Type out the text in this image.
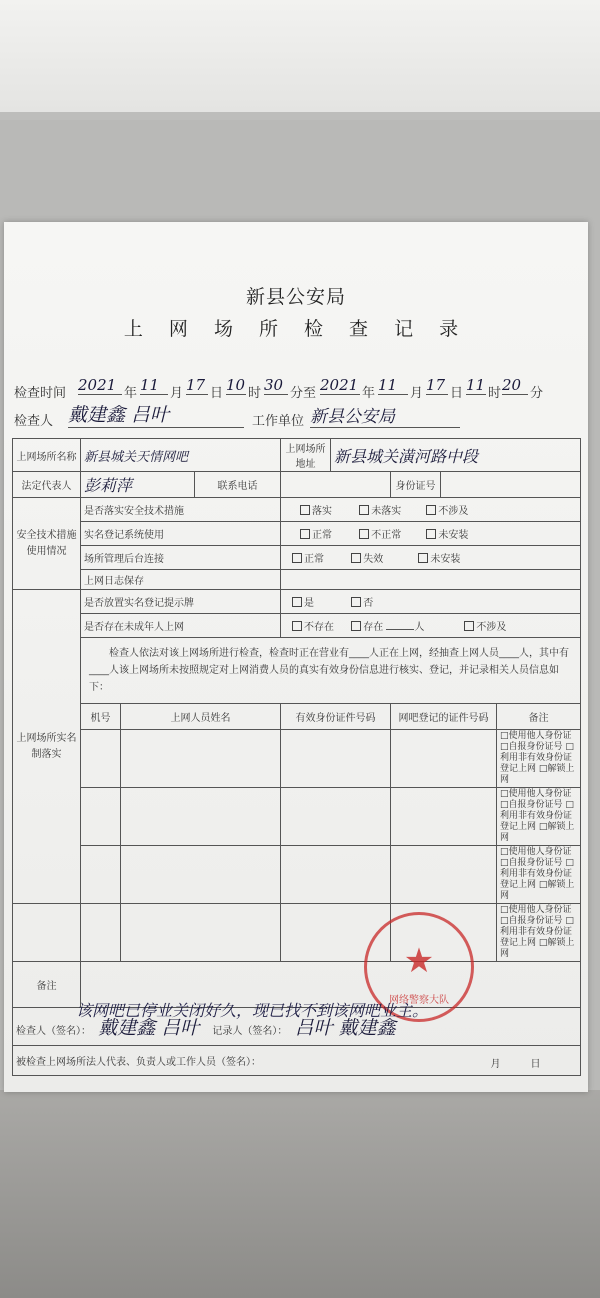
新县公安局
上 网 场 所 检 查 记 录
检查时间 2021 年 11 月 17 日 10 时 30 分至 2021 年 11 月 17 日 11 时 20 分
检查人 戴建鑫 吕叶	工作单位 新县公安局
上网场所名称	新县城关天情网吧			上网场所地址	新县城关潢河路中段			
法定代表人	彭莉萍		联系电话			身份证号		
安全技术措施使用情况	是否落实安全技术措施			落实 未落实 不涉及				
	实名登记系统使用			正常 不正常 未安装				
	场所管理后台连接			正常 失效 未安装				
	上网日志保存							
上网场所实名制落实	是否放置实名登记提示牌			是 否				
	是否存在未成年人上网			不存在 存在 人 不涉及				
	检查人依法对该上网场所进行检查，检查时正在营业有____人正在上网，经抽查上网人员____人，其中有____人该上网场所未按照规定对上网消费人员的真实有效身份信息进行核实、登记，并记录相关人员信息如下：							
	机号	上网人员姓名		有效身份证件号码		网吧登记的证件号码		备注
								□使用他人身份证 □自报身份证号 □利用非有效身份证登记上网 □解锁上网
								□使用他人身份证 □自报身份证号 □利用非有效身份证登记上网 □解锁上网
								□使用他人身份证 □自报身份证号 □利用非有效身份证登记上网 □解锁上网
								□使用他人身份证 □自报身份证号 □利用非有效身份证登记上网 □解锁上网
备注								
检查人（签名）： 戴建鑫 吕叶 记录人（签名）： 吕叶 戴建鑫								
被检查上网场所法人代表、负责人或工作人员（签名）： 月 日								
★
网络警察大队
该网吧已停业关闭好久，现已找不到该网吧业主。
